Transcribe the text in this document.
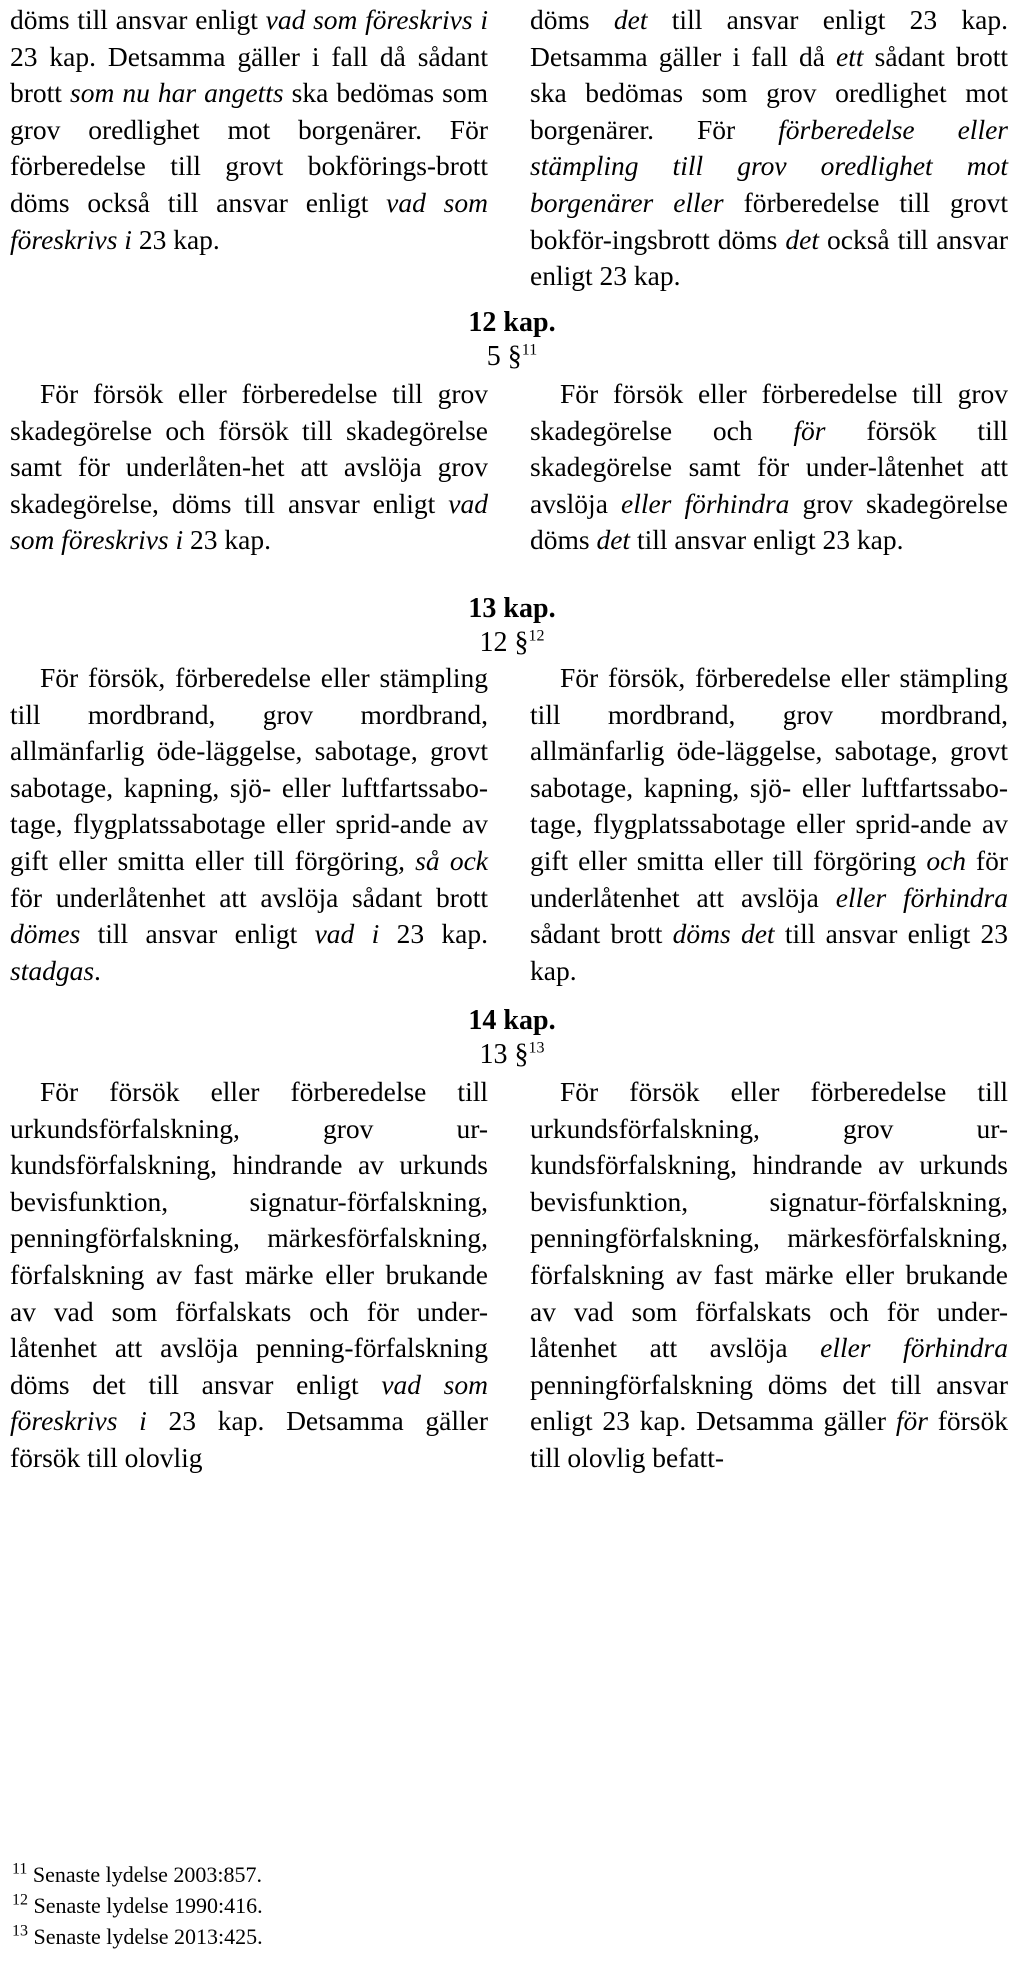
döms till ansvar enligt vad som föreskrivs i 23 kap. Detsamma gäller i fall då sådant brott som nu har angetts ska bedömas som grov oredlighet mot borgenärer. För förberedelse till grovt bokförings-brott döms också till ansvar enligt vad som föreskrivs i 23 kap.

döms det till ansvar enligt 23 kap. Detsamma gäller i fall då ett sådant brott ska bedömas som grov oredlighet mot borgenärer. För förberedelse eller stämpling till grov oredlighet mot borgenärer eller förberedelse till grovt bokför-ingsbrott döms det också till ansvar enligt 23 kap.

12 kap.
5 §$^{11}$

För försök eller förberedelse till grov skadegörelse och försök till skadegörelse samt för underlåten-het att avslöja grov skadegörelse, döms till ansvar enligt vad som föreskrivs i 23 kap.

För försök eller förberedelse till grov skadegörelse och för försök till skadegörelse samt för under-låtenhet att avslöja eller förhindra grov skadegörelse döms det till ansvar enligt 23 kap.

13 kap.
12 §$^{12}$

För försök, förberedelse eller stämpling till mordbrand, grov mordbrand, allmänfarlig öde-läggelse, sabotage, grovt sabotage, kapning, sjö- eller luftfartssabo-tage, flygplatssabotage eller sprid-ande av gift eller smitta eller till förgöring, så ock för underlåtenhet att avslöja sådant brott dömes till ansvar enligt vad i 23 kap. stadgas.

För försök, förberedelse eller stämpling till mordbrand, grov mordbrand, allmänfarlig öde-läggelse, sabotage, grovt sabotage, kapning, sjö- eller luftfartssabo-tage, flygplatssabotage eller sprid-ande av gift eller smitta eller till förgöring och för underlåtenhet att avslöja eller förhindra sådant brott döms det till ansvar enligt 23 kap.

14 kap.
13 §$^{13}$

För försök eller förberedelse till urkundsförfalskning, grov ur-kundsförfalskning, hindrande av urkunds bevisfunktion, signatur-förfalskning, penningförfalskning, märkesförfalskning, förfalskning av fast märke eller brukande av vad som förfalskats och för under-låtenhet att avslöja penning-förfalskning döms det till ansvar enligt vad som föreskrivs i 23 kap. Detsamma gäller försök till olovlig

För försök eller förberedelse till urkundsförfalskning, grov ur-kundsförfalskning, hindrande av urkunds bevisfunktion, signatur-förfalskning, penningförfalskning, märkesförfalskning, förfalskning av fast märke eller brukande av vad som förfalskats och för under-låtenhet att avslöja eller förhindra penningförfalskning döms det till ansvar enligt 23 kap. Detsamma gäller för försök till olovlig befatt-

$^{11}$ Senaste lydelse 2003:857.

$^{12}$ Senaste lydelse 1990:416.

$^{13}$ Senaste lydelse 2013:425.
